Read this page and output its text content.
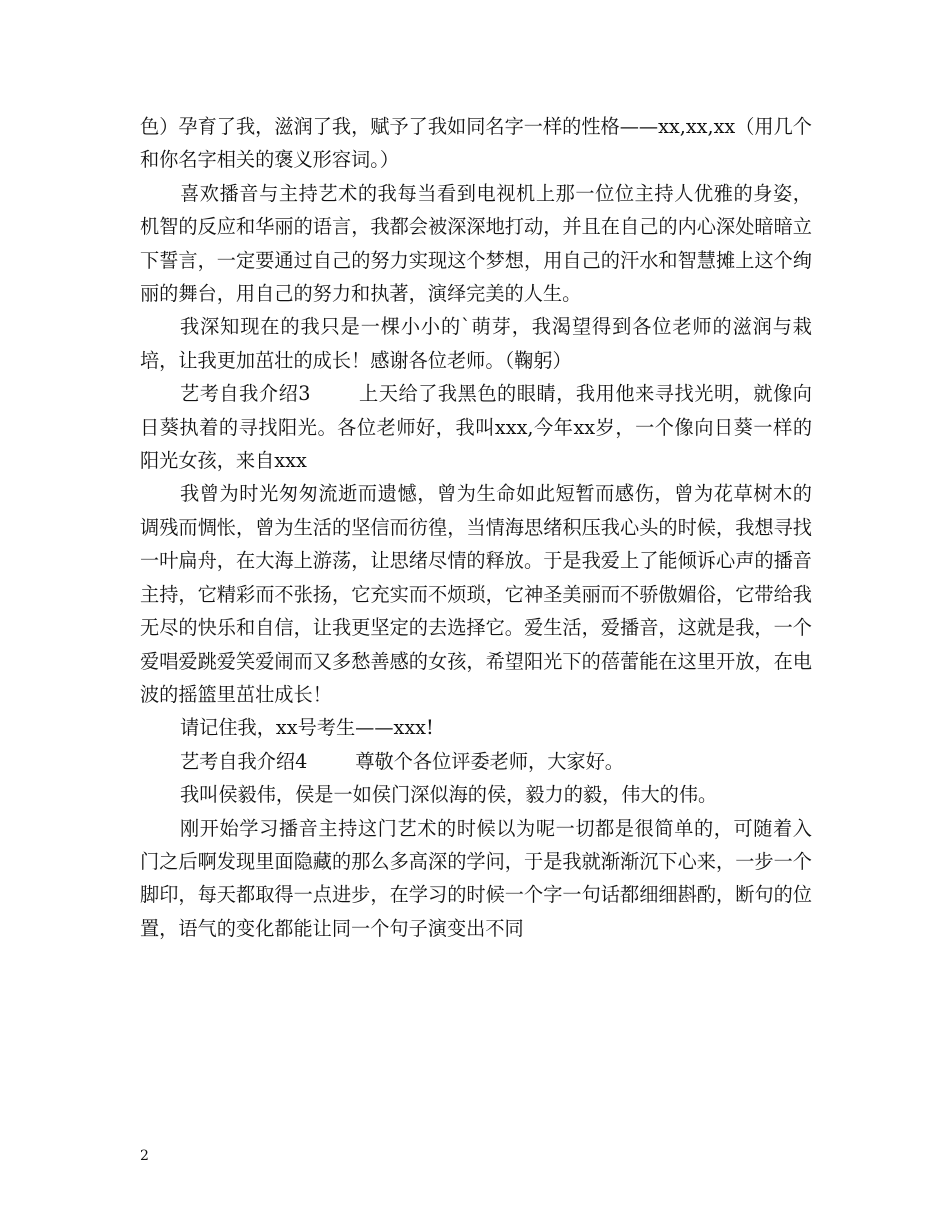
色）孕育了我，滋润了我，赋予了我如同名字一样的性格——xx,xx,xx（用几个和你名字相关的褒义形容词。）

喜欢播音与主持艺术的我每当看到电视机上那一位位主持人优雅的身姿，机智的反应和华丽的语言，我都会被深深地打动，并且在自己的内心深处暗暗立下誓言，一定要通过自己的努力实现这个梦想，用自己的汗水和智慧摊上这个绚丽的舞台，用自己的努力和执著，演绎完美的人生。

我深知现在的我只是一棵小小的`萌芽，我渴望得到各位老师的滋润与栽培，让我更加茁壮的成长！感谢各位老师。（鞠躬）

艺考自我介绍3	上天给了我黑色的眼睛，我用他来寻找光明，就像向日葵执着的寻找阳光。各位老师好，我叫xxx,今年xx岁，一个像向日葵一样的阳光女孩，来自xxx

我曾为时光匆匆流逝而遗憾，曾为生命如此短暂而感伤，曾为花草树木的调残而惆怅，曾为生活的坚信而彷徨，当情海思绪积压我心头的时候，我想寻找一叶扁舟，在大海上游荡，让思绪尽情的释放。于是我爱上了能倾诉心声的播音主持，它精彩而不张扬，它充实而不烦琐，它神圣美丽而不骄傲媚俗，它带给我无尽的快乐和自信，让我更坚定的去选择它。爱生活，爱播音，这就是我，一个爱唱爱跳爱笑爱闹而又多愁善感的女孩，希望阳光下的蓓蕾能在这里开放，在电波的摇篮里茁壮成长！

请记住我，xx号考生——xxx!

艺考自我介绍4	尊敬个各位评委老师，大家好。

我叫侯毅伟，侯是一如侯门深似海的侯，毅力的毅，伟大的伟。

刚开始学习播音主持这门艺术的时候以为呢一切都是很简单的，可随着入门之后啊发现里面隐藏的那么多高深的学问，于是我就渐渐沉下心来，一步一个脚印，每天都取得一点进步，在学习的时候一个字一句话都细细斟酌，断句的位置，语气的变化都能让同一个句子演变出不同

2
